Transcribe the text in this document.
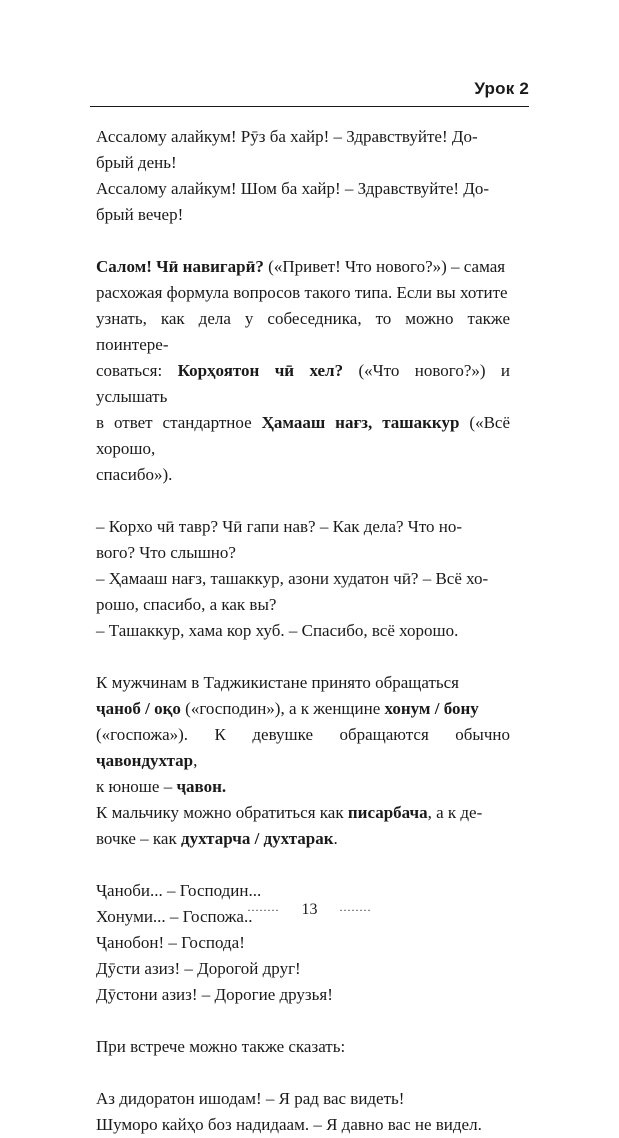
Урок 2
Ассалому алайкум! Рӯз ба хайр! – Здравствуйте! До-
брый день!
Ассалому алайкум! Шом ба хайр! – Здравствуйте! До-
брый вечер!
Салом! Чӣ навигарӣ? («Привет! Что нового?») – самая
расхожая формула вопросов такого типа. Если вы хотите
узнать, как дела у собеседника, то можно также поинтере-
соваться: Корҳоятон чӣ хел? («Что нового?») и услышать
в ответ стандартное Ҳамааш нағз, ташаккур («Всё хорошо,
спасибо»).
– Корхо чӣ тавр? Чӣ гапи нав? – Как дела? Что но-
вого? Что слышно?
– Ҳамааш нағз, ташаккур, азони худатон чӣ? – Всё хо-
рошо, спасибо, а как вы?
– Ташаккур, хама кор хуб. – Спасибо, всё хорошо.
К мужчинам в Таджикистане принято обращаться
ҷаноб / оқо («господин»), а к женщине хонум / бону
(«госпожа»). К девушке обращаются обычно ҷавондухтар,
к юноше – ҷавон.
К мальчику можно обратиться как писарбача, а к де-
вочке – как духтарча / духтарак.
Ҷаноби... – Господин...
Хонуми... – Госпожа..
Ҷанобон! – Господа!
Дӯсти азиз! – Дорогой друг!
Дӯстони азиз! – Дорогие друзья!
При встрече можно также сказать:
Аз дидоратон ишодам! – Я рад вас видеть!
Шуморо кайҳо боз надидаам. – Я давно вас не видел.
........ 13 ........
